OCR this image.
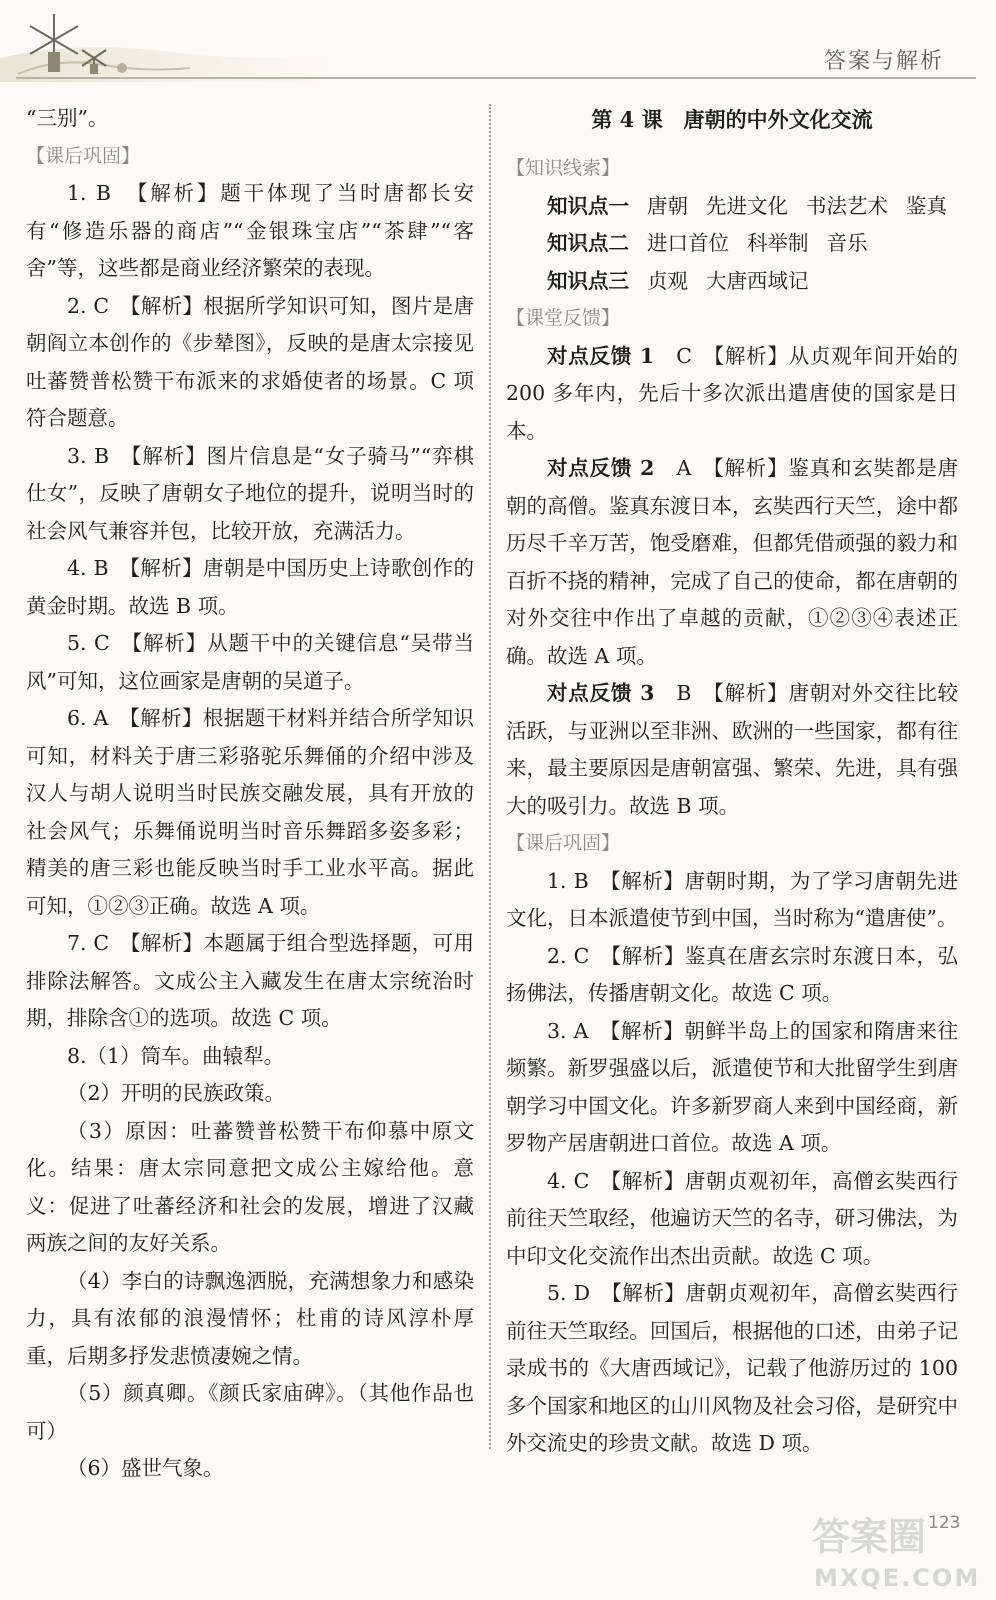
答案与解析

“三别”。

【课后巩固】

1. B　【解析】题干体现了当时唐都长安有“修造乐器的商店”“金银珠宝店”“茶肆”“客舍”等，这些都是商业经济繁荣的表现。

2. C　【解析】根据所学知识可知，图片是唐朝阎立本创作的《步辇图》，反映的是唐太宗接见吐蕃赞普松赞干布派来的求婚使者的场景。C 项符合题意。

3. B　【解析】图片信息是“女子骑马”“弈棋仕女”，反映了唐朝女子地位的提升，说明当时的社会风气兼容并包，比较开放，充满活力。

4. B　【解析】唐朝是中国历史上诗歌创作的黄金时期。故选 B 项。

5. C　【解析】从题干中的关键信息“吴带当风”可知，这位画家是唐朝的吴道子。

6. A　【解析】根据题干材料并结合所学知识可知，材料关于唐三彩骆驼乐舞俑的介绍中涉及汉人与胡人说明当时民族交融发展，具有开放的社会风气；乐舞俑说明当时音乐舞蹈多姿多彩；精美的唐三彩也能反映当时手工业水平高。据此可知，①②③正确。故选 A 项。

7. C　【解析】本题属于组合型选择题，可用排除法解答。文成公主入藏发生在唐太宗统治时期，排除含①的选项。故选 C 项。

8.（1）筒车。曲辕犁。

（2）开明的民族政策。

（3）原因：吐蕃赞普松赞干布仰慕中原文化。结果：唐太宗同意把文成公主嫁给他。意义：促进了吐蕃经济和社会的发展，增进了汉藏两族之间的友好关系。

（4）李白的诗飘逸洒脱，充满想象力和感染力，具有浓郁的浪漫情怀；杜甫的诗风淳朴厚重，后期多抒发悲愤凄婉之情。

（5）颜真卿。《颜氏家庙碑》。（其他作品也可）

（6）盛世气象。

第 4 课　唐朝的中外文化交流

【知识线索】

知识点一 唐朝 先进文化 书法艺术 鉴真

知识点二 进口首位 科举制 音乐

知识点三 贞观 大唐西域记

【课堂反馈】

对点反馈 1　C　【解析】从贞观年间开始的 200 多年内，先后十多次派出遣唐使的国家是日本。

对点反馈 2　A　【解析】鉴真和玄奘都是唐朝的高僧。鉴真东渡日本，玄奘西行天竺，途中都历尽千辛万苦，饱受磨难，但都凭借顽强的毅力和百折不挠的精神，完成了自己的使命，都在唐朝的对外交往中作出了卓越的贡献，①②③④表述正确。故选 A 项。

对点反馈 3　B　【解析】唐朝对外交往比较活跃，与亚洲以至非洲、欧洲的一些国家，都有往来，最主要原因是唐朝富强、繁荣、先进，具有强大的吸引力。故选 B 项。

【课后巩固】

1. B　【解析】唐朝时期，为了学习唐朝先进文化，日本派遣使节到中国，当时称为“遣唐使”。

2. C　【解析】鉴真在唐玄宗时东渡日本，弘扬佛法，传播唐朝文化。故选 C 项。

3. A　【解析】朝鲜半岛上的国家和隋唐来往频繁。新罗强盛以后，派遣使节和大批留学生到唐朝学习中国文化。许多新罗商人来到中国经商，新罗物产居唐朝进口首位。故选 A 项。

4. C　【解析】唐朝贞观初年，高僧玄奘西行前往天竺取经，他遍访天竺的名寺，研习佛法，为中印文化交流作出杰出贡献。故选 C 项。

5. D　【解析】唐朝贞观初年，高僧玄奘西行前往天竺取经。回国后，根据他的口述，由弟子记录成书的《大唐西域记》，记载了他游历过的 100 多个国家和地区的山川风物及社会习俗，是研究中外交流史的珍贵文献。故选 D 项。

123
答案圈
MXQE.COM
